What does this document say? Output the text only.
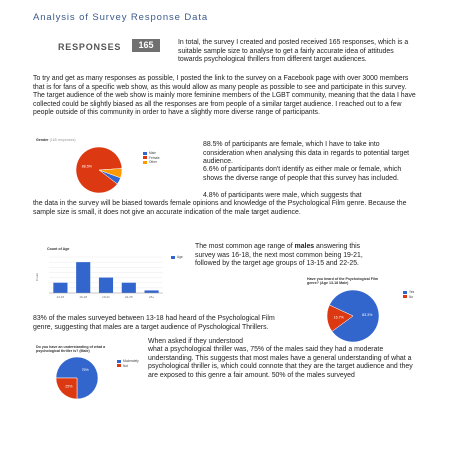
Analysis of Survey Response Data
RESPONSES	165	In total, the survey I created and posted received 165 responses, which is a suitable sample size to analyse to get a fairly accurate idea of attitudes towards psychological thrillers from different target audiences.

To try and get as many responses as possible, I posted the link to the survey on a Facebook page with over 3000 members that is for fans of a specific web show, as this would allow as many people as possible to see and participate in this survey. The target audience of the web show is mainly more feminine members of the LGBT community, meaning that the data I have collected could be slightly biased as all the responses are from people of a similar target audience. I reached out to a few people outside of this community in order to have a slightly more diverse range of participants.

Gender (165 responses)
88.5%
Male
Female
Other

88.5% of participants are female, which I have to take into consideration when analysing this data in regards to potential target audience.

6.6% of participants don't identify as either male or female, which shows the diverse range of people that this survey has included.

4.8% of participants were male, which suggests that

the data in the survey will be biased towards female opinions and knowledge of the Psychological Film genre. Because the sample size is small, it does not give an accurate indication of the male target audience.

Count of Age
Count
13-15	16-18	19-21	22-25	26+
Age

The most common age range of males answering this survey was 16-18, the next most common being 19-21, followed by the target age groups of 13-15 and 22-25.

Have you heard of the Psychological Film genre? (Age 13-18 Male)
83.3%
16.7%
Yes
No

83% of the males surveyed between 13-18 had heard of the Psychological Film genre, suggesting that males are a target audience of Pyschological Thrillers.

Do you have an understanding of what a psychological thriller is? (Male)
75%
25%
Moderately
Not

When asked if they understood

what a psychological thriller was, 75% of the males said they had a moderate understanding. This suggests that most males have a general understanding of what a psychological thriller is, which could connote that they are the target audience and they are exposed to this genre a fair amount. 50% of the males surveyed
